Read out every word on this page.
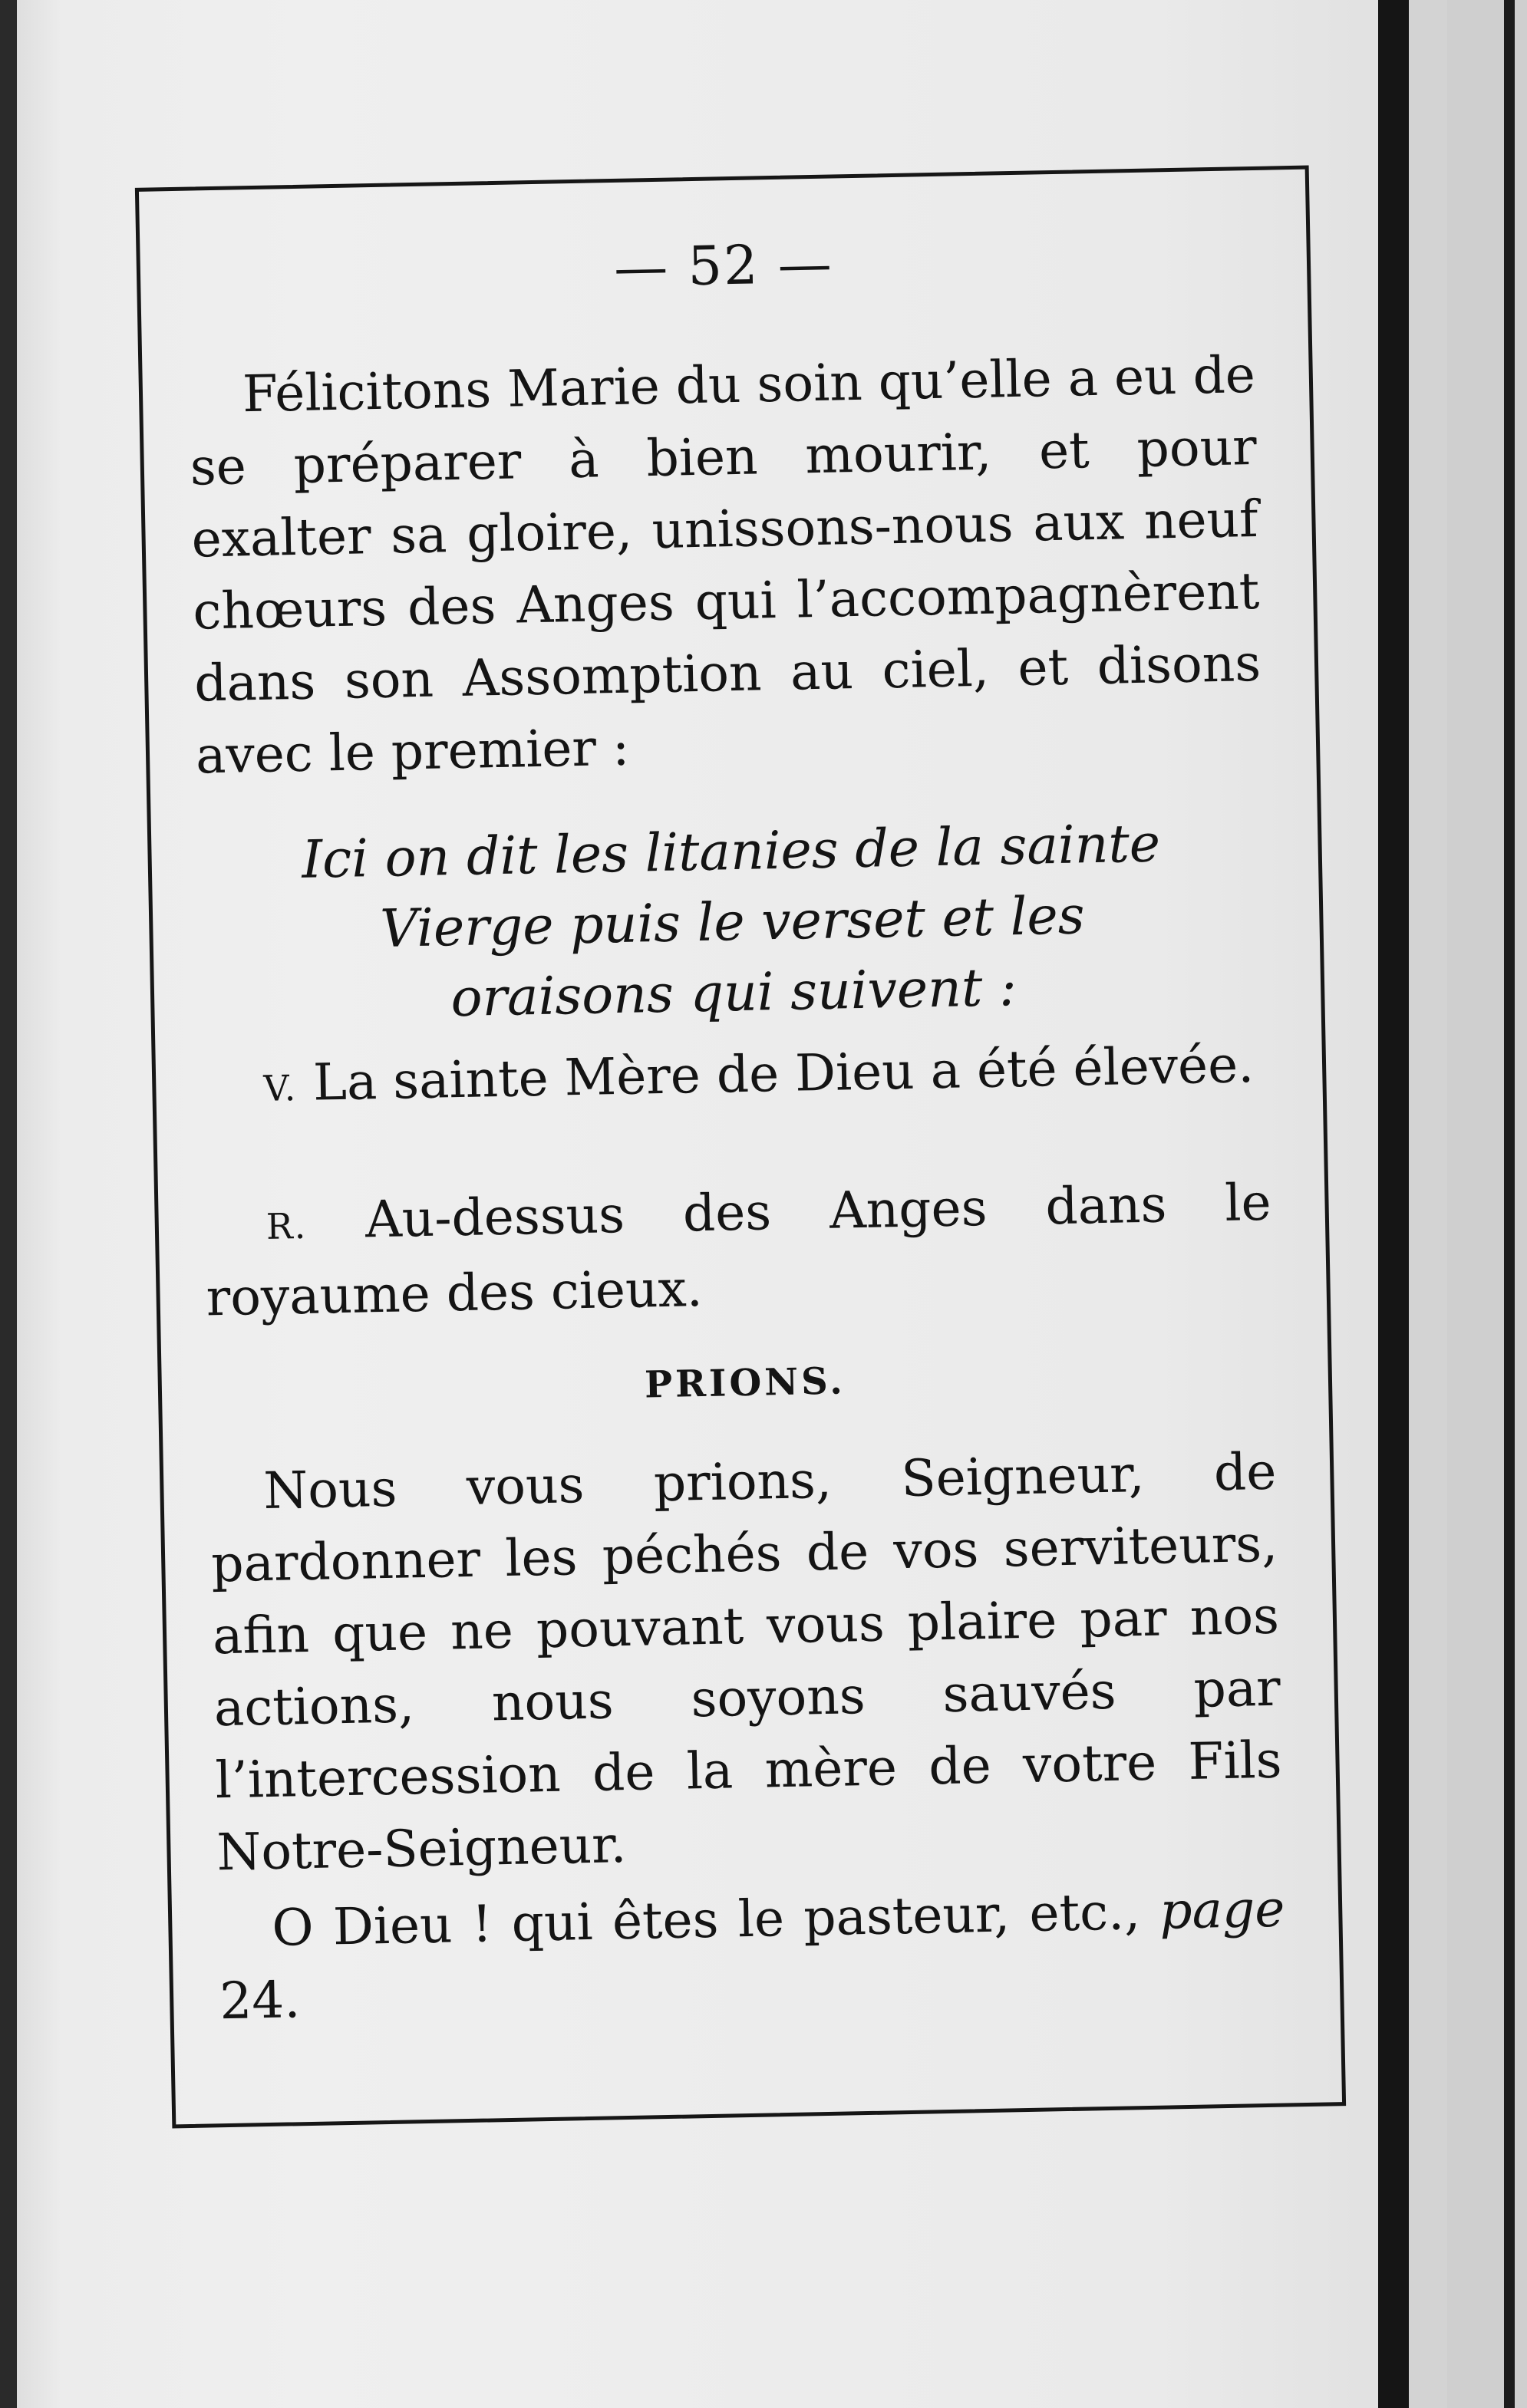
— 52 —
Félicitons Marie du soin qu’elle a eu de se préparer à bien mourir, et pour exalter sa gloire, unissons-nous aux neuf chœurs des Anges qui l’accompagnèrent dans son Assomption au ciel, et disons avec le premier :
Ici on dit les litanies de la sainte
Vierge puis le verset et les
oraisons qui suivent :
V. La sainte Mère de Dieu a été élevée.
R. Au-dessus des Anges dans le royaume des cieux.
PRIONS.
Nous vous prions, Seigneur, de pardonner les péchés de vos serviteurs, afin que ne pouvant vous plaire par nos actions, nous soyons sauvés par l’intercession de la mère de votre Fils Notre-Seigneur.
O Dieu ! qui êtes le pasteur, etc., page 24.
